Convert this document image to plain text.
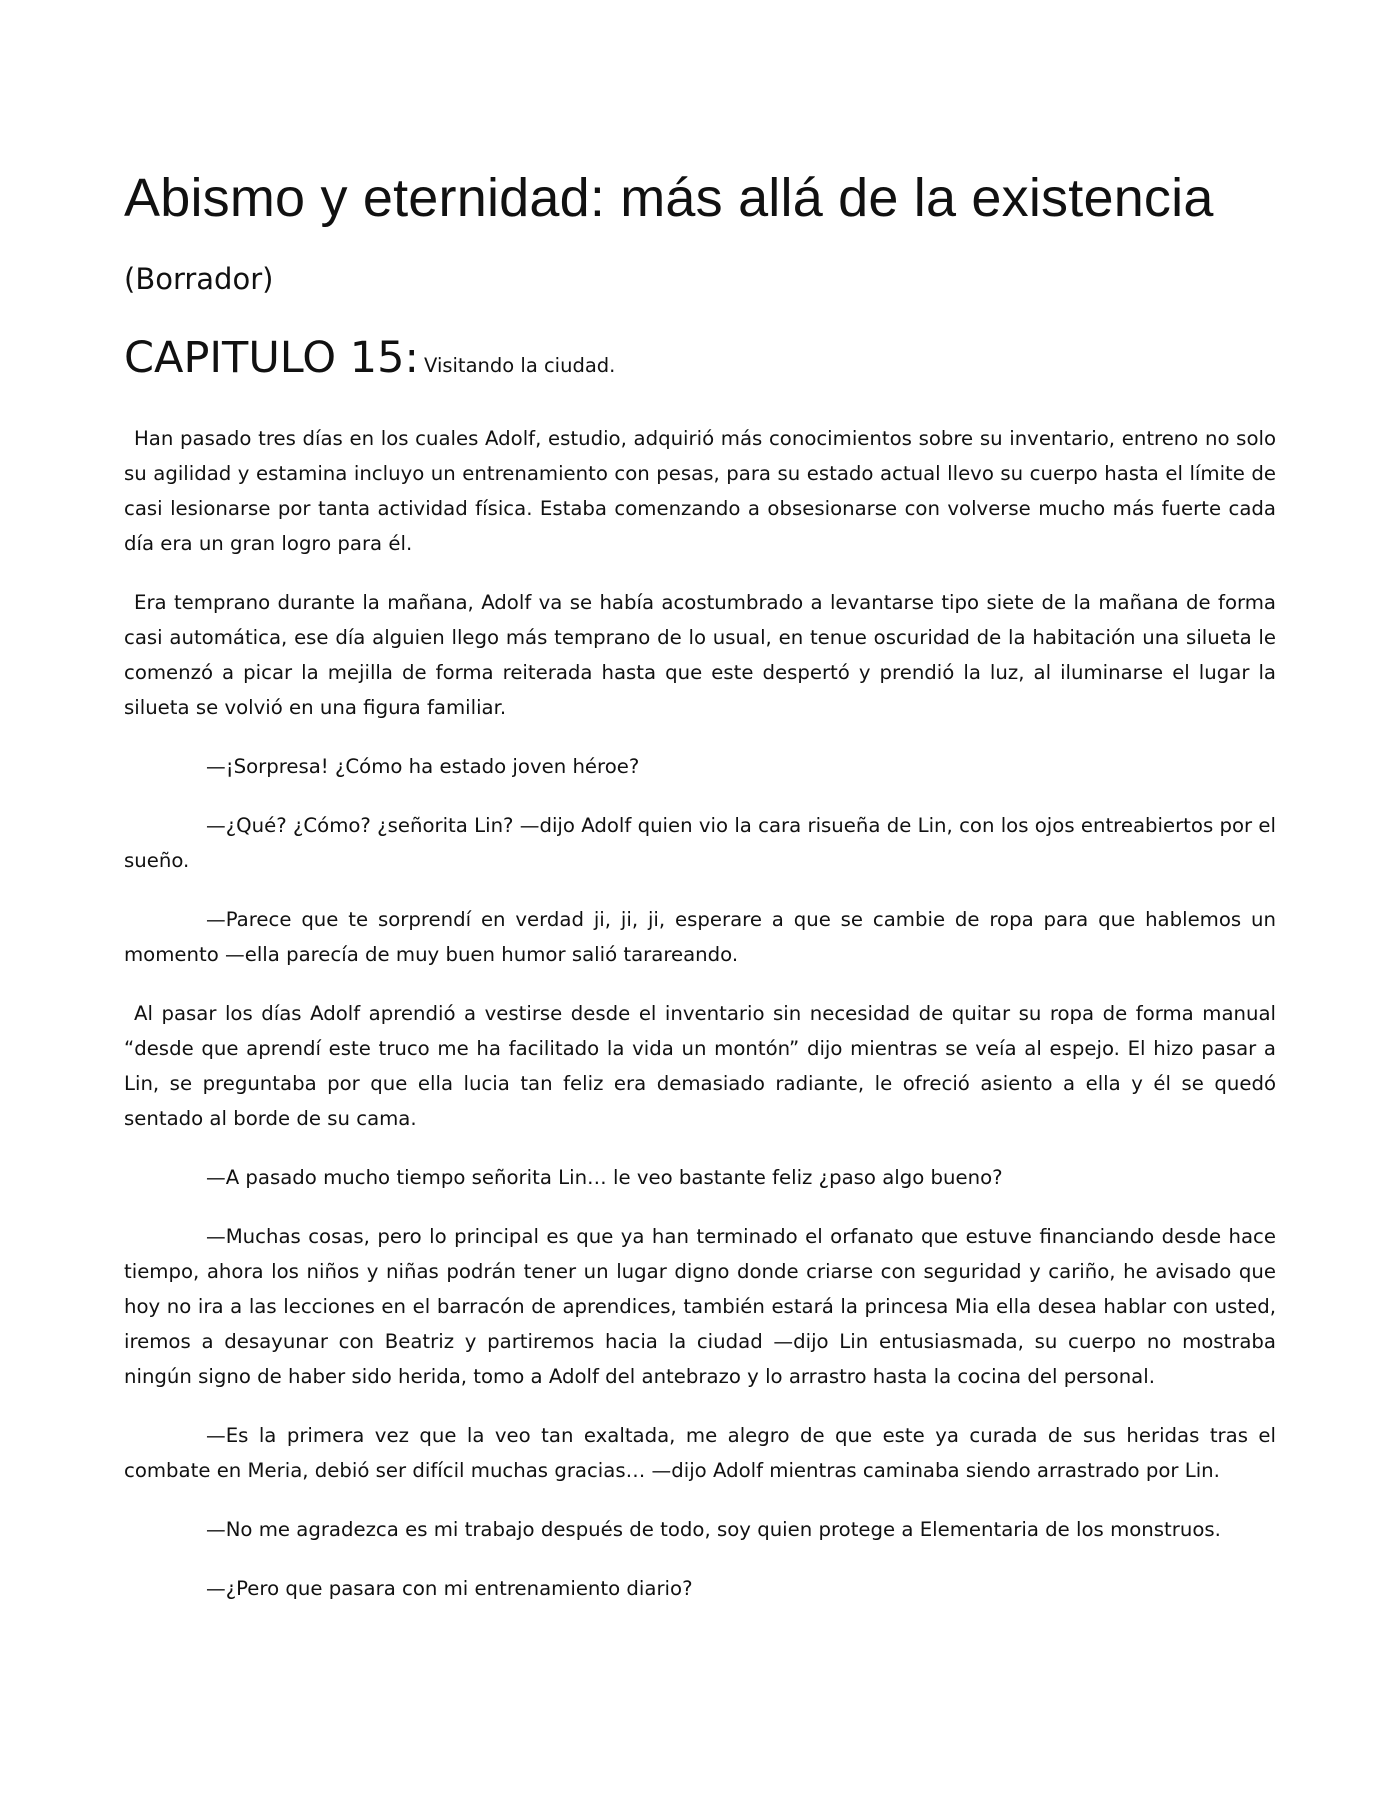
Abismo y eternidad: más allá de la existencia
(Borrador)
CAPITULO 15: Visitando la ciudad.

Han pasado tres días en los cuales Adolf, estudio, adquirió más conocimientos sobre su inventario, entreno no solo su agilidad y estamina incluyo un entrenamiento con pesas, para su estado actual llevo su cuerpo hasta el límite de casi lesionarse por tanta actividad física. Estaba comenzando a obsesionarse con volverse mucho más fuerte cada día era un gran logro para él.

Era temprano durante la mañana, Adolf va se había acostumbrado a levantarse tipo siete de la mañana de forma casi automática, ese día alguien llego más temprano de lo usual, en tenue oscuridad de la habitación una silueta le comenzó a picar la mejilla de forma reiterada hasta que este despertó y prendió la luz, al iluminarse el lugar la silueta se volvió en una figura familiar.

—¡Sorpresa! ¿Cómo ha estado joven héroe?

—¿Qué? ¿Cómo? ¿señorita Lin? —dijo Adolf quien vio la cara risueña de Lin, con los ojos entreabiertos por el sueño.

—Parece que te sorprendí en verdad ji, ji, ji, esperare a que se cambie de ropa para que hablemos un momento —ella parecía de muy buen humor salió tarareando.

Al pasar los días Adolf aprendió a vestirse desde el inventario sin necesidad de quitar su ropa de forma manual “desde que aprendí este truco me ha facilitado la vida un montón” dijo mientras se veía al espejo. El hizo pasar a Lin, se preguntaba por que ella lucia tan feliz era demasiado radiante, le ofreció asiento a ella y él se quedó sentado al borde de su cama.

—A pasado mucho tiempo señorita Lin… le veo bastante feliz ¿paso algo bueno?

—Muchas cosas, pero lo principal es que ya han terminado el orfanato que estuve financiando desde hace tiempo, ahora los niños y niñas podrán tener un lugar digno donde criarse con seguridad y cariño, he avisado que hoy no ira a las lecciones en el barracón de aprendices, también estará la princesa Mia ella desea hablar con usted, iremos a desayunar con Beatriz y partiremos hacia la ciudad —dijo Lin entusiasmada, su cuerpo no mostraba ningún signo de haber sido herida, tomo a Adolf del antebrazo y lo arrastro hasta la cocina del personal.

—Es la primera vez que la veo tan exaltada, me alegro de que este ya curada de sus heridas tras el combate en Meria, debió ser difícil muchas gracias… —dijo Adolf mientras caminaba siendo arrastrado por Lin.

—No me agradezca es mi trabajo después de todo, soy quien protege a Elementaria de los monstruos.

—¿Pero que pasara con mi entrenamiento diario?
